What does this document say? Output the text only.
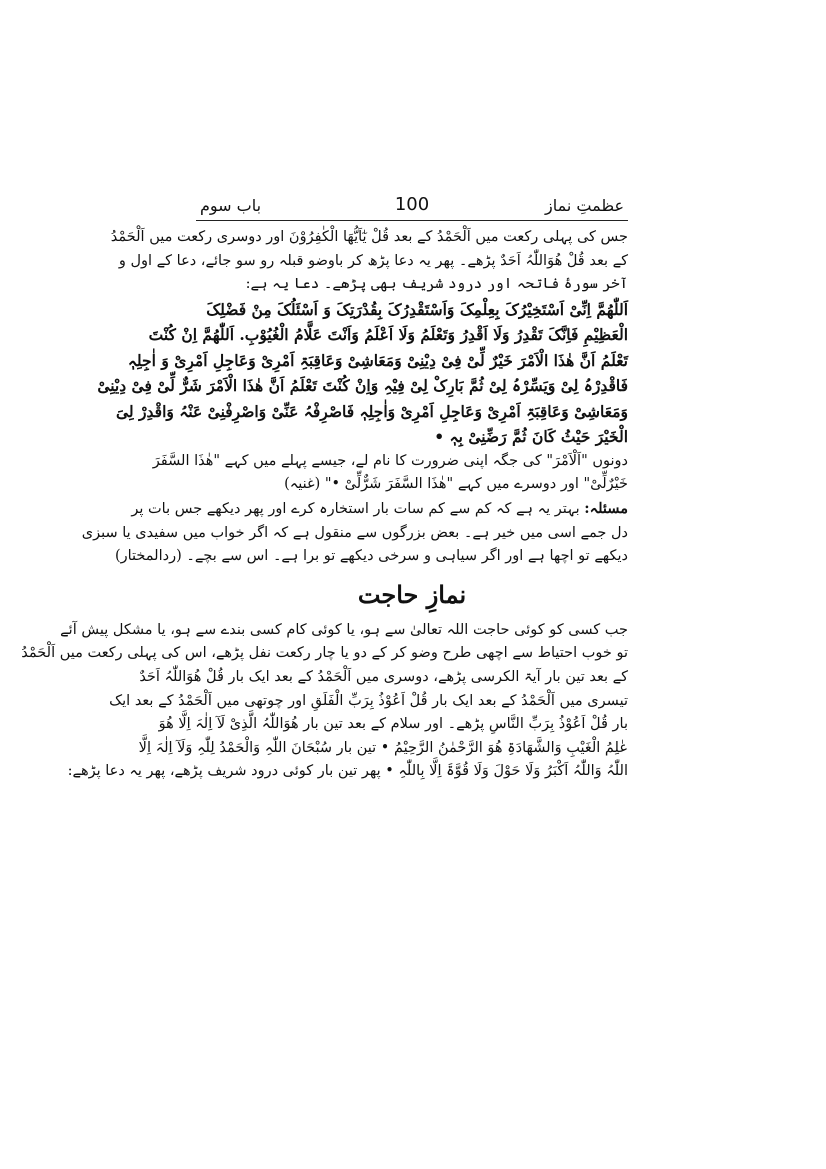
باب سوم	100	عظمتِ نماز
جس کی پہلی رکعت میں اَلْحَمْدُ کے بعد قُلْ یٰٓاَیُّھَا الْکٰفِرُوْنَ اور دوسری رکعت میں اَلْحَمْدُ
کے بعد قُلْ ھُوَاللّٰہُ اَحَدٌ پڑھے۔ پھر یہ دعا پڑھ کر باوضو قبلہ رو سو جائے، دعا کے اول و
آخر سورۂ فاتحہ اور درود شریف بھی پڑھے۔ دعا یہ ہے:
اَللّٰھُمَّ اِنِّیْ اَسْتَخِیْرُکَ بِعِلْمِکَ وَاَسْتَقْدِرُکَ بِقُدْرَتِکَ وَ اَسْئَلُکَ مِنْ فَضْلِکَ
الْعَظِیْمِ فَاِنَّکَ تَقْدِرُ وَلَا اَقْدِرُ وَتَعْلَمُ وَلَا اَعْلَمُ وَاَنْتَ عَلَّامُ الْغُیُوْبِ. اَللّٰھُمَّ اِنْ کُنْتَ
تَعْلَمُ اَنَّ ھٰذَا الْاَمْرَ خَیْرٌ لِّیْ فِیْ دِیْنِیْ وَمَعَاشِیْ وَعَاقِبَۃِ اَمْرِیْ وَعَاجِلِ اَمْرِیْ وَ اٰجِلِہٖ
فَاقْدِرْہُ لِیْ وَیَسِّرْہُ لِیْ ثُمَّ بَارِکْ لِیْ فِیْہِ وَاِنْ کُنْتَ تَعْلَمُ اَنَّ ھٰذَا الْاَمْرَ شَرٌّ لِّیْ فِیْ دِیْنِیْ
وَمَعَاشِیْ وَعَاقِبَۃِ اَمْرِیْ وَعَاجِلِ اَمْرِیْ وَاٰجِلِہٖ فَاصْرِفْہُ عَنِّیْ وَاصْرِفْنِیْ عَنْہُ وَاقْدِرْ لِیَ
الْخَیْرَ حَیْثُ کَانَ ثُمَّ رَضِّنِیْ بِہٖ •
دونوں "اَلْاَمْرَ" کی جگہ اپنی ضرورت کا نام لے، جیسے پہلے میں کہے "ھٰذَا السَّفَرَ
خَیْرٌلِّیْ" اور دوسرے میں کہے "ھٰذَا السَّفَرَ شَرٌّلِّیْ •" (غنیہ)
مسئلہ: بہتر یہ ہے کہ کم سے کم سات بار استخارہ کرے اور پھر دیکھے جس بات پر
دل جمے اسی میں خیر ہے۔ بعض بزرگوں سے منقول ہے کہ اگر خواب میں سفیدی یا سبزی
دیکھے تو اچھا ہے اور اگر سیاہی و سرخی دیکھے تو برا ہے۔ اس سے بچے۔ (ردالمختار)
نمازِ حاجت
جب کسی کو کوئی حاجت اللہ تعالیٰ سے ہو، یا کوئی کام کسی بندے سے ہو، یا مشکل پیش آئے
تو خوب احتیاط سے اچھی طرح وضو کر کے دو یا چار رکعت نفل پڑھے، اس کی پہلی رکعت میں اَلْحَمْدُ
کے بعد تین بار آیۃ الکرسی پڑھے، دوسری میں اَلْحَمْدُ کے بعد ایک بار قُلْ ھُوَاللّٰہُ اَحَدٌ
تیسری میں اَلْحَمْدُ کے بعد ایک بار قُلْ اَعُوْذُ بِرَبِّ الْفَلَقِ اور چوتھی میں اَلْحَمْدُ کے بعد ایک
بار قُلْ اَعُوْذُ بِرَبِّ النَّاسِ پڑھے۔ اور سلام کے بعد تین بار ھُوَاللّٰہُ الَّذِیْ لَآ اِلٰہَ اِلَّا ھُوَ
عٰلِمُ الْغَیْبِ وَالشَّھَادَۃِ ھُوَ الرَّحْمٰنُ الرَّحِیْمُ • تین بار سُبْحَانَ اللّٰہِ وَالْحَمْدُ لِلّٰہِ وَلَآ اِلٰہَ اِلَّا
اللّٰہُ وَاللّٰہُ اَکْبَرُ وَلَا حَوْلَ وَلَا قُوَّۃَ اِلَّا بِاللّٰہِ • پھر تین بار کوئی درود شریف پڑھے، پھر یہ دعا پڑھے:
